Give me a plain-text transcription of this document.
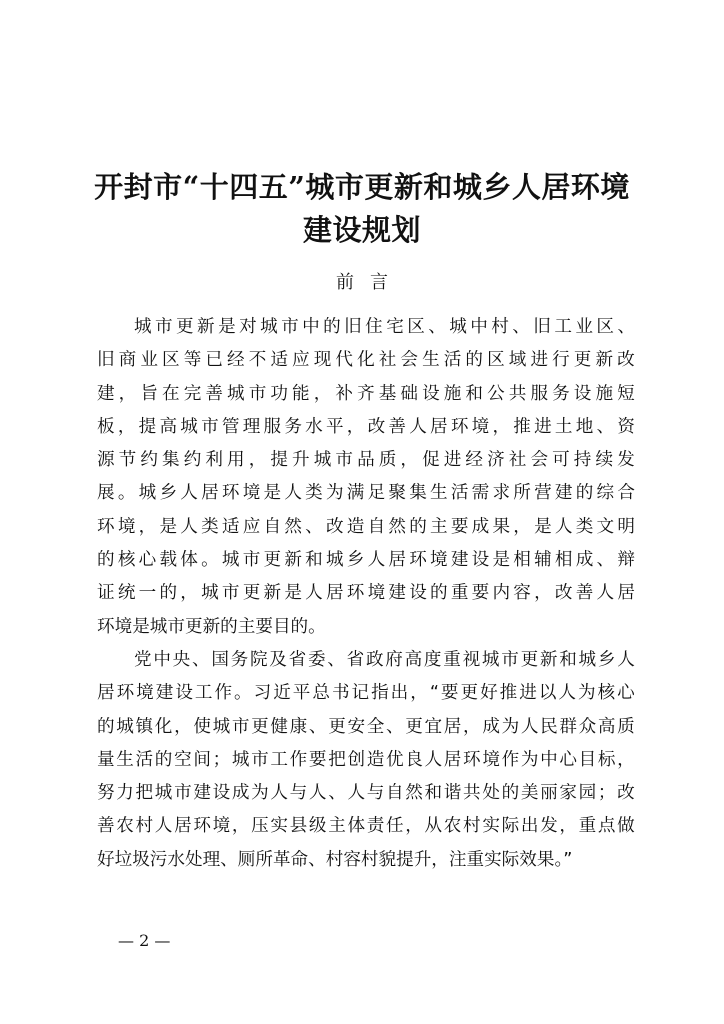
开封市“十四五”城市更新和城乡人居环境
建设规划
前言
城 市 更 新 是 对 城 市 中 的 旧 住 宅 区 、 城 中 村 、 旧 工 业 区 、
旧 商 业 区 等 已 经 不 适 应 现 代 化 社 会 生 活 的 区 域 进 行 更 新 改
建 ， 旨 在 完 善 城 市 功 能 ， 补 齐 基 础 设 施 和 公 共 服 务 设 施 短
板 ， 提 高 城 市 管 理 服 务 水 平 ， 改 善 人 居 环 境 ， 推 进 土 地 、 资
源 节 约 集 约 利 用 ， 提 升 城 市 品 质 ， 促 进 经 济 社 会 可 持 续 发
展 。 城 乡 人 居 环 境 是 人 类 为 满 足 聚 集 生 活 需 求 所 营 建 的 综 合
环 境 ， 是 人 类 适 应 自 然 、 改 造 自 然 的 主 要 成 果 ， 是 人 类 文 明
的 核 心 载 体 。 城 市 更 新 和 城 乡 人 居 环 境 建 设 是 相 辅 相 成 、 辩
证 统 一 的 ， 城 市 更 新 是 人 居 环 境 建 设 的 重 要 内 容 ， 改 善 人 居
环境是城市更新的主要目的。
党 中 央 、 国 务 院 及 省 委 、 省 政 府 高 度 重 视 城 市 更 新 和 城 乡 人
居 环 境 建 设 工 作 。 习 近 平 总 书 记 指 出 ， “ 要 更 好 推 进 以 人 为 核 心
的 城 镇 化 ， 使 城 市 更 健 康 、 更 安 全 、 更 宜 居 ， 成 为 人 民 群 众 高 质
量 生 活 的 空 间 ； 城 市 工 作 要 把 创 造 优 良 人 居 环 境 作 为 中 心 目 标 ，
努 力 把 城 市 建 设 成 为 人 与 人 、 人 与 自 然 和 谐 共 处 的 美 丽 家 园 ； 改
善 农 村 人 居 环 境 ， 压 实 县 级 主 体 责 任 ， 从 农 村 实 际 出 发 ， 重 点 做
好垃圾污水处理、厕所革命、村容村貌提升，注重实际效果。”
— 2 —
